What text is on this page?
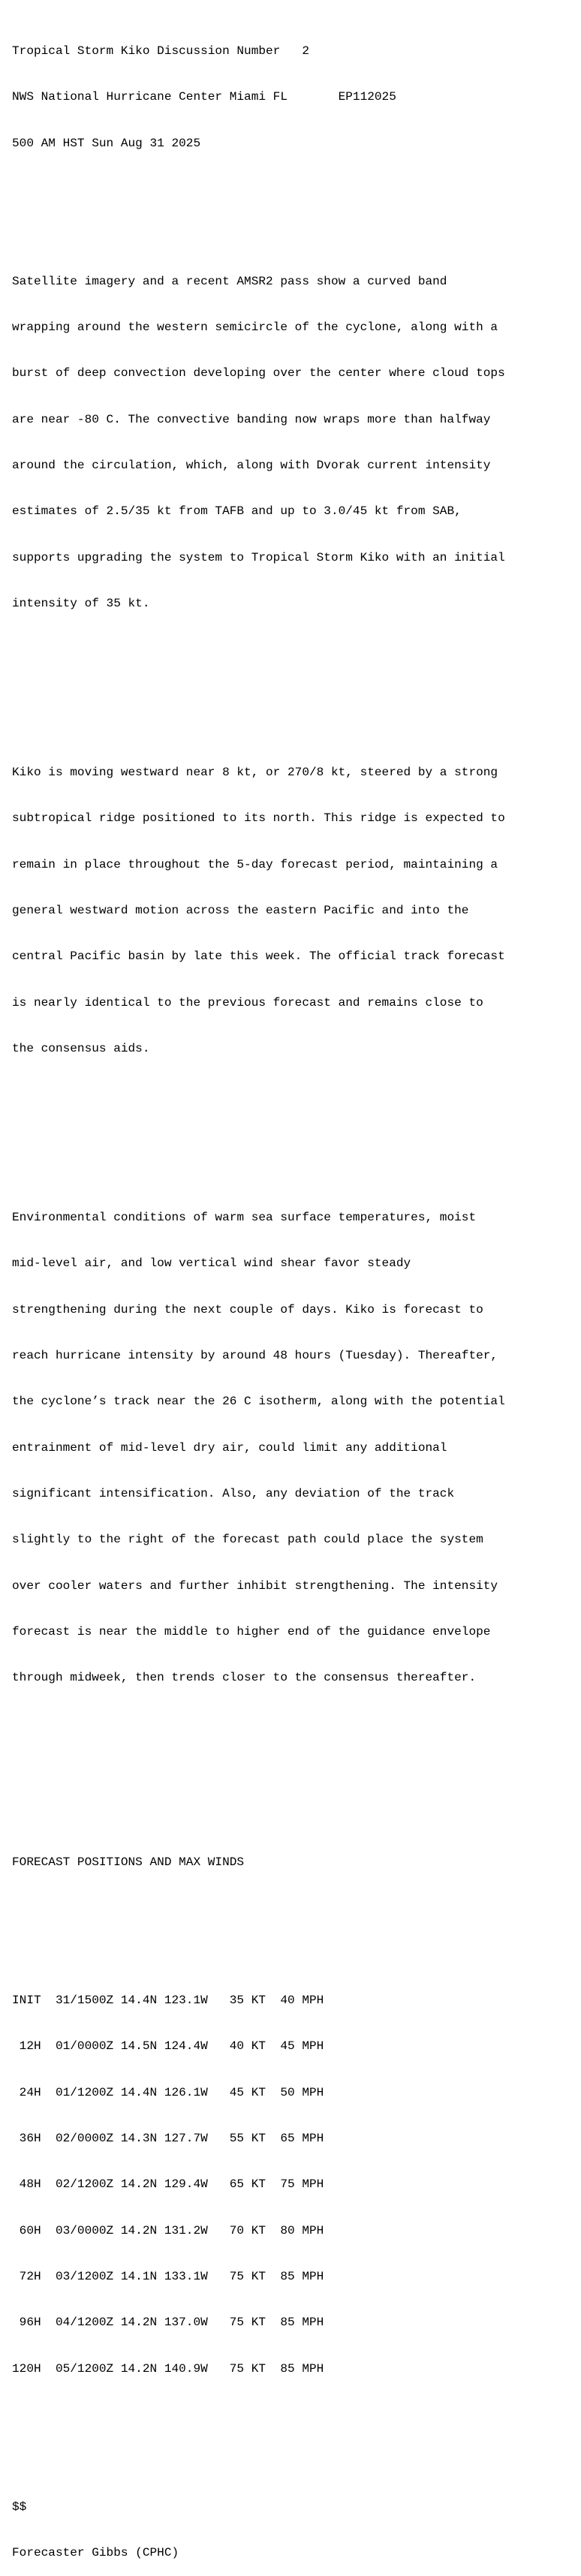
Tropical Storm Kiko Discussion Number   2

NWS National Hurricane Center Miami FL       EP112025

500 AM HST Sun Aug 31 2025

Satellite imagery and a recent AMSR2 pass show a curved band

wrapping around the western semicircle of the cyclone, along with a

burst of deep convection developing over the center where cloud tops

are near -80 C. The convective banding now wraps more than halfway

around the circulation, which, along with Dvorak current intensity

estimates of 2.5/35 kt from TAFB and up to 3.0/45 kt from SAB,

supports upgrading the system to Tropical Storm Kiko with an initial

intensity of 35 kt.

Kiko is moving westward near 8 kt, or 270/8 kt, steered by a strong

subtropical ridge positioned to its north. This ridge is expected to

remain in place throughout the 5-day forecast period, maintaining a

general westward motion across the eastern Pacific and into the

central Pacific basin by late this week. The official track forecast

is nearly identical to the previous forecast and remains close to

the consensus aids.

Environmental conditions of warm sea surface temperatures, moist

mid-level air, and low vertical wind shear favor steady

strengthening during the next couple of days. Kiko is forecast to

reach hurricane intensity by around 48 hours (Tuesday). Thereafter,

the cyclone’s track near the 26 C isotherm, along with the potential

entrainment of mid-level dry air, could limit any additional

significant intensification. Also, any deviation of the track

slightly to the right of the forecast path could place the system

over cooler waters and further inhibit strengthening. The intensity

forecast is near the middle to higher end of the guidance envelope

through midweek, then trends closer to the consensus thereafter.

FORECAST POSITIONS AND MAX WINDS

INIT  31/1500Z 14.4N 123.1W   35 KT  40 MPH

12H  01/0000Z 14.5N 124.4W   40 KT  45 MPH

24H  01/1200Z 14.4N 126.1W   45 KT  50 MPH

36H  02/0000Z 14.3N 127.7W   55 KT  65 MPH

48H  02/1200Z 14.2N 129.4W   65 KT  75 MPH

60H  03/0000Z 14.2N 131.2W   70 KT  80 MPH

72H  03/1200Z 14.1N 133.1W   75 KT  85 MPH

96H  04/1200Z 14.2N 137.0W   75 KT  85 MPH

120H  05/1200Z 14.2N 140.9W   75 KT  85 MPH

$$

Forecaster Gibbs (CPHC)
